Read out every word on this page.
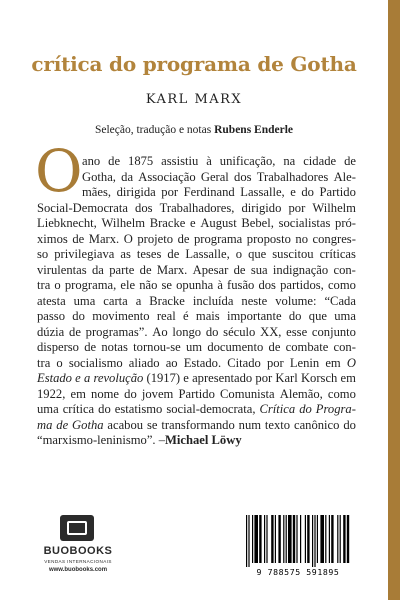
crítica do programa de Gotha
KARL MARX
Seleção, tradução e notas Rubens Enderle
O ano de 1875 assistiu à unificação, na cidade de
Gotha, da Associação Geral dos Trabalhadores Ale-
mães, dirigida por Ferdinand Lassalle, e do Partido
Social-Democrata dos Trabalhadores, dirigido por Wilhelm
Liebknecht, Wilhelm Bracke e August Bebel, socialistas pró-
ximos de Marx. O projeto de programa proposto no congres-
so privilegiava as teses de Lassalle, o que suscitou críticas
virulentas da parte de Marx. Apesar de sua indignação con-
tra o programa, ele não se opunha à fusão dos partidos, como
atesta uma carta a Bracke incluída neste volume: “Cada
passo do movimento real é mais importante do que uma
dúzia de programas”. Ao longo do século XX, esse conjunto
disperso de notas tornou-se um documento de combate con-
tra o socialismo aliado ao Estado. Citado por Lenin em O
Estado e a revolução (1917) e apresentado por Karl Korsch em
1922, em nome do jovem Partido Comunista Alemão, como
uma crítica do estatismo social-democrata, Crítica do Progra-
ma de Gotha acabou se transformando num texto canônico do
“marxismo-leninismo”. – Michael Löwy
BUOBOOKS
VENDAS INTERNACIONAIS
www.buobooks.com	9 788575 591895
